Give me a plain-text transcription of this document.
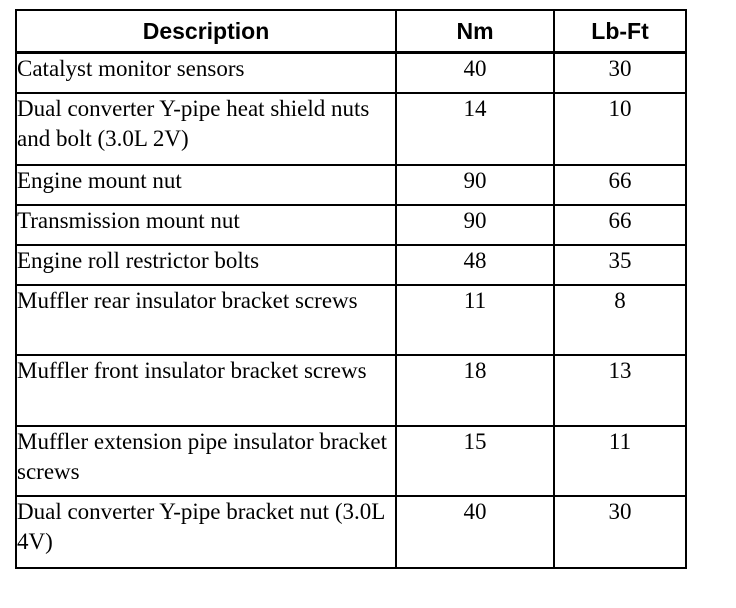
Description	Nm	Lb-Ft
Catalyst monitor sensors	40	30
Dual converter Y-pipe heat shield nuts and bolt (3.0L 2V)	14	10
Engine mount nut	90	66
Transmission mount nut	90	66
Engine roll restrictor bolts	48	35
Muffler rear insulator bracket screws	11	8
Muffler front insulator bracket screws	18	13
Muffler extension pipe insulator bracket screws	15	11
Dual converter Y-pipe bracket nut (3.0L 4V)	40	30
